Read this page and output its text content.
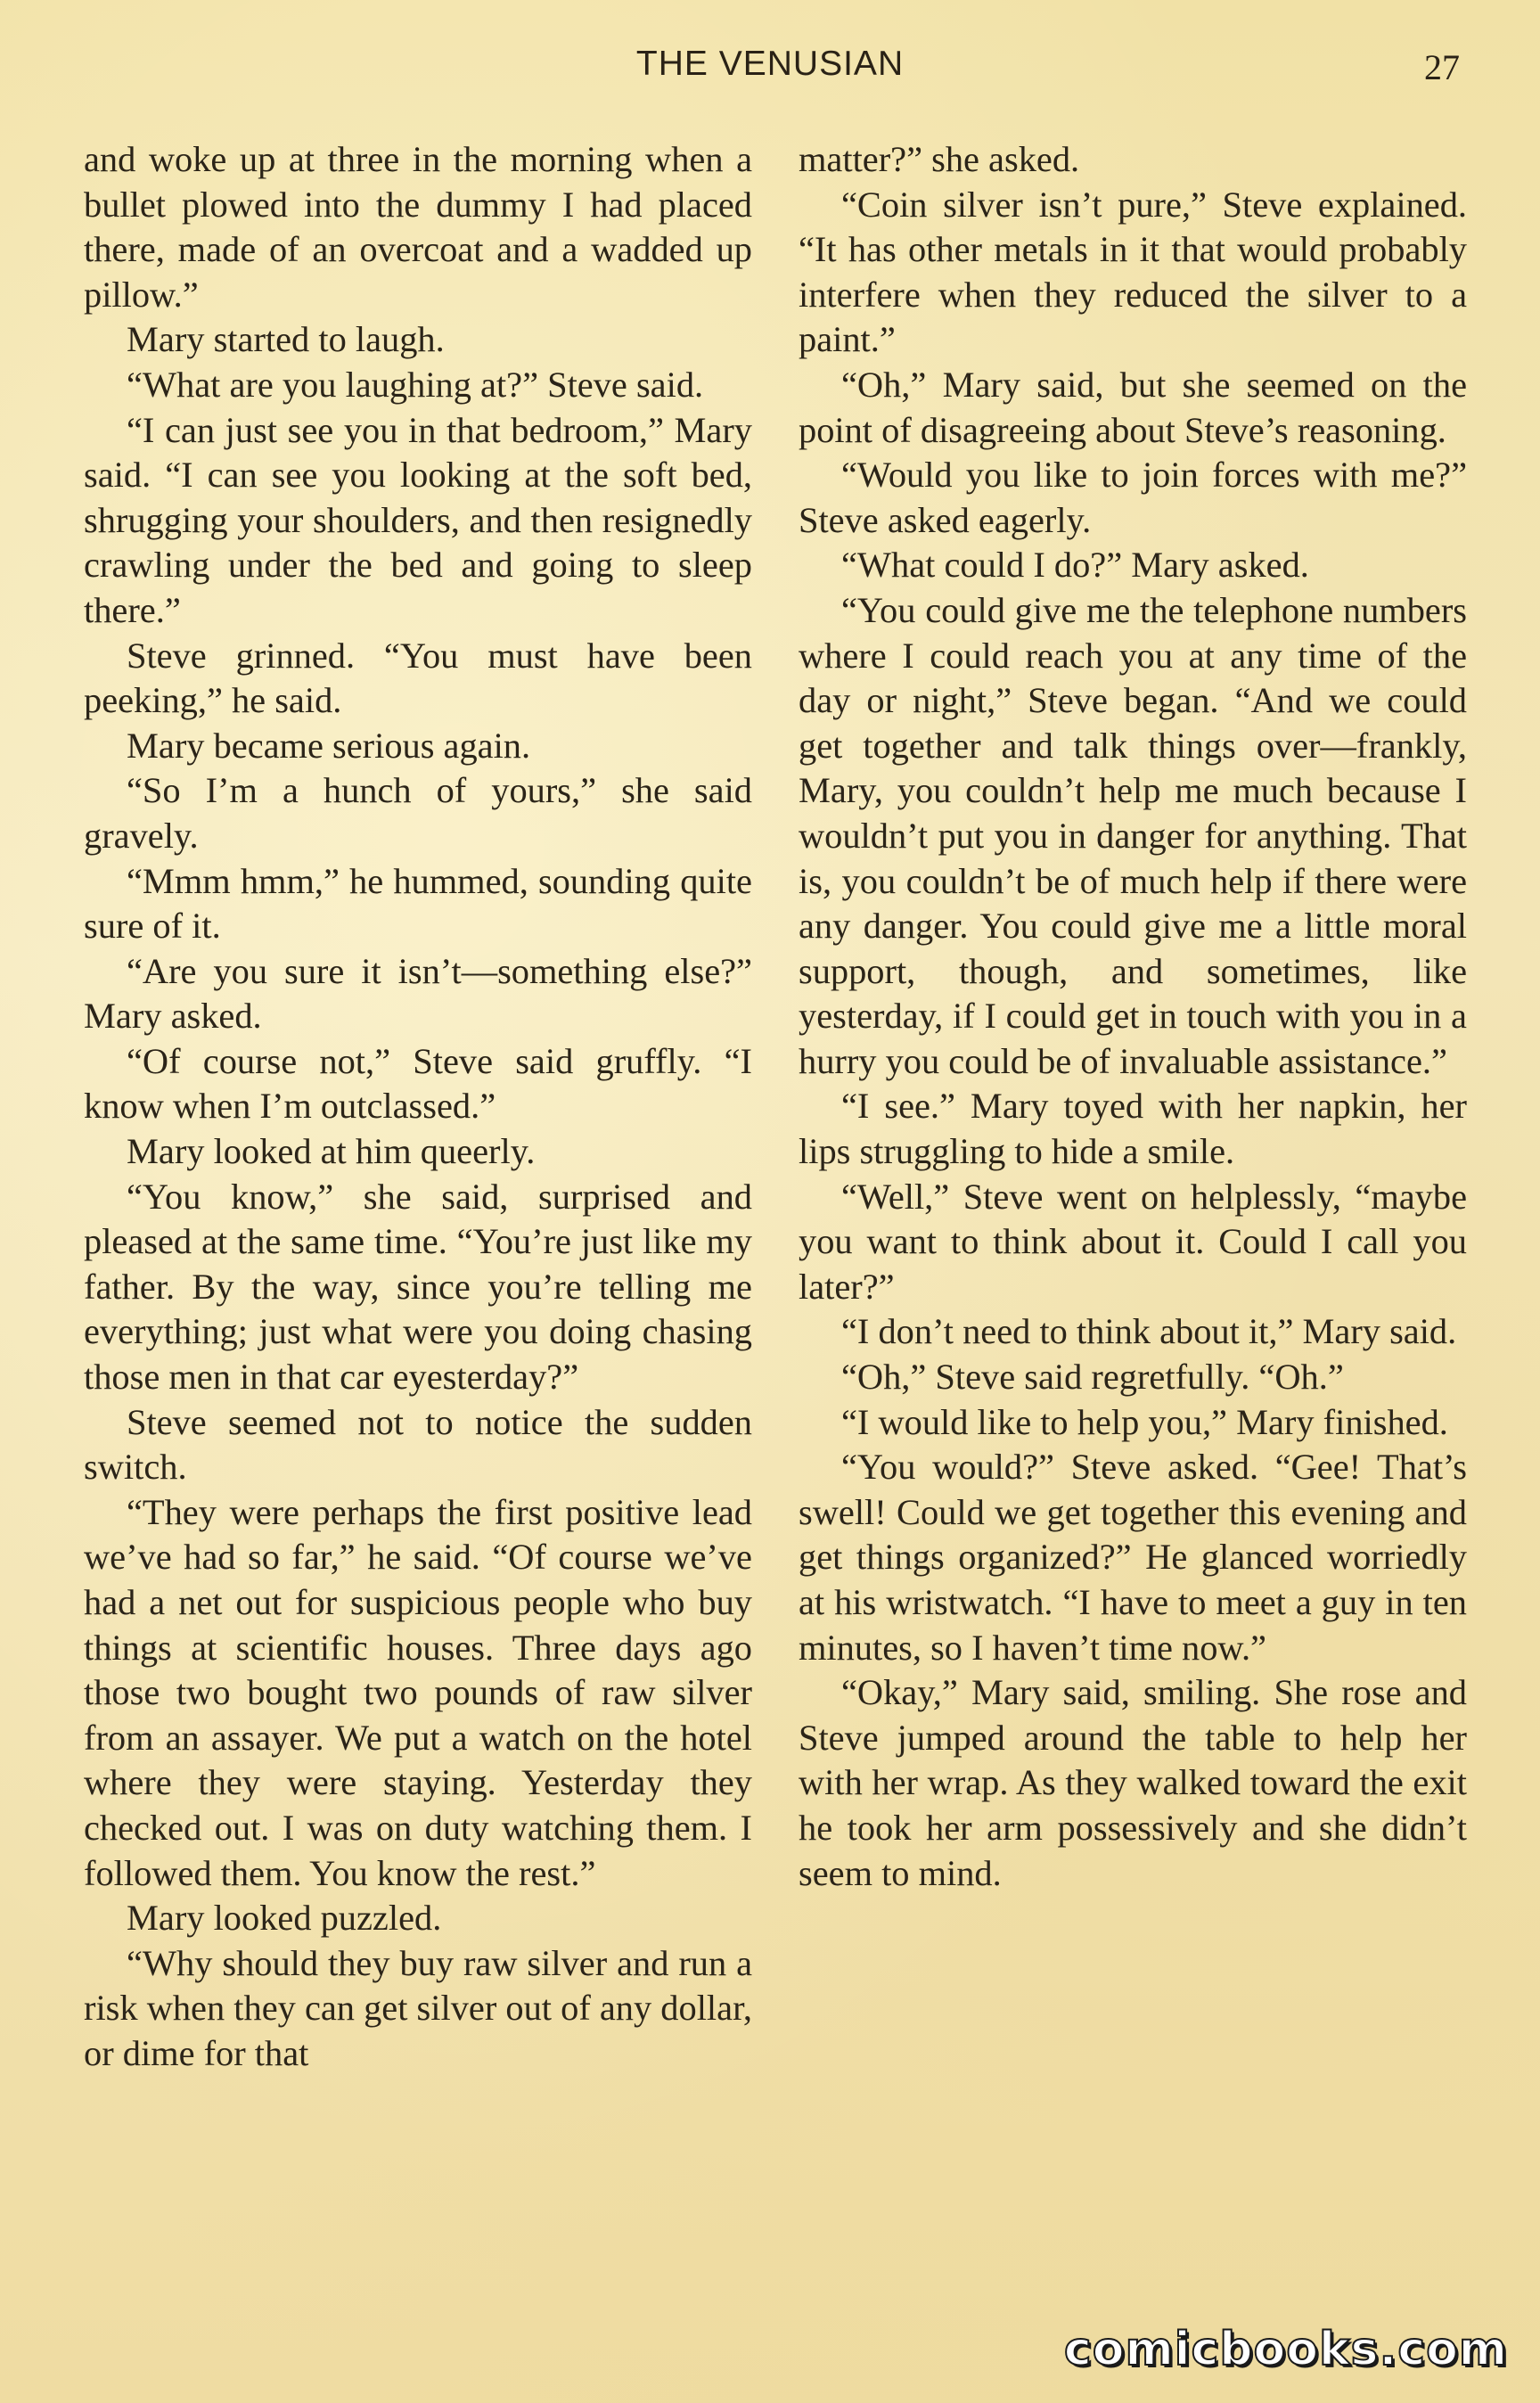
THE VENUSIAN	27

and woke up at three in the morning when a bullet plowed into the dummy I had placed there, made of an overcoat and a wadded up pillow.”

Mary started to laugh.

“What are you laughing at?” Steve said.

“I can just see you in that bedroom,” Mary said. “I can see you looking at the soft bed, shrugging your shoulders, and then resignedly crawling under the bed and going to sleep there.”

Steve grinned. “You must have been peeking,” he said.

Mary became serious again.

“So I’m a hunch of yours,” she said gravely.

“Mmm hmm,” he hummed, sounding quite sure of it.

“Are you sure it isn’t—something else?” Mary asked.

“Of course not,” Steve said gruffly. “I know when I’m outclassed.”

Mary looked at him queerly.

“You know,” she said, surprised and pleased at the same time. “You’re just like my father. By the way, since you’re telling me everything; just what were you doing chasing those men in that car eyesterday?”

Steve seemed not to notice the sudden switch.

“They were perhaps the first positive lead we’ve had so far,” he said. “Of course we’ve had a net out for suspicious people who buy things at scientific houses. Three days ago those two bought two pounds of raw silver from an assayer. We put a watch on the hotel where they were staying. Yesterday they checked out. I was on duty watching them. I followed them. You know the rest.”

Mary looked puzzled.

“Why should they buy raw silver and run a risk when they can get silver out of any dollar, or dime for that

matter?” she asked.

“Coin silver isn’t pure,” Steve explained. “It has other metals in it that would probably interfere when they reduced the silver to a paint.”

“Oh,” Mary said, but she seemed on the point of disagreeing about Steve’s reasoning.

“Would you like to join forces with me?” Steve asked eagerly.

“What could I do?” Mary asked.

“You could give me the telephone numbers where I could reach you at any time of the day or night,” Steve began. “And we could get together and talk things over—frankly, Mary, you couldn’t help me much because I wouldn’t put you in danger for anything. That is, you couldn’t be of much help if there were any danger. You could give me a little moral support, though, and sometimes, like yesterday, if I could get in touch with you in a hurry you could be of invaluable assistance.”

“I see.” Mary toyed with her napkin, her lips struggling to hide a smile.

“Well,” Steve went on helplessly, “maybe you want to think about it. Could I call you later?”

“I don’t need to think about it,” Mary said.

“Oh,” Steve said regretfully. “Oh.”

“I would like to help you,” Mary finished.

“You would?” Steve asked. “Gee! That’s swell! Could we get together this evening and get things organized?” He glanced worriedly at his wristwatch. “I have to meet a guy in ten minutes, so I haven’t time now.”

“Okay,” Mary said, smiling. She rose and Steve jumped around the table to help her with her wrap. As they walked toward the exit he took her arm possessively and she didn’t seem to mind.

comicbooks.com
